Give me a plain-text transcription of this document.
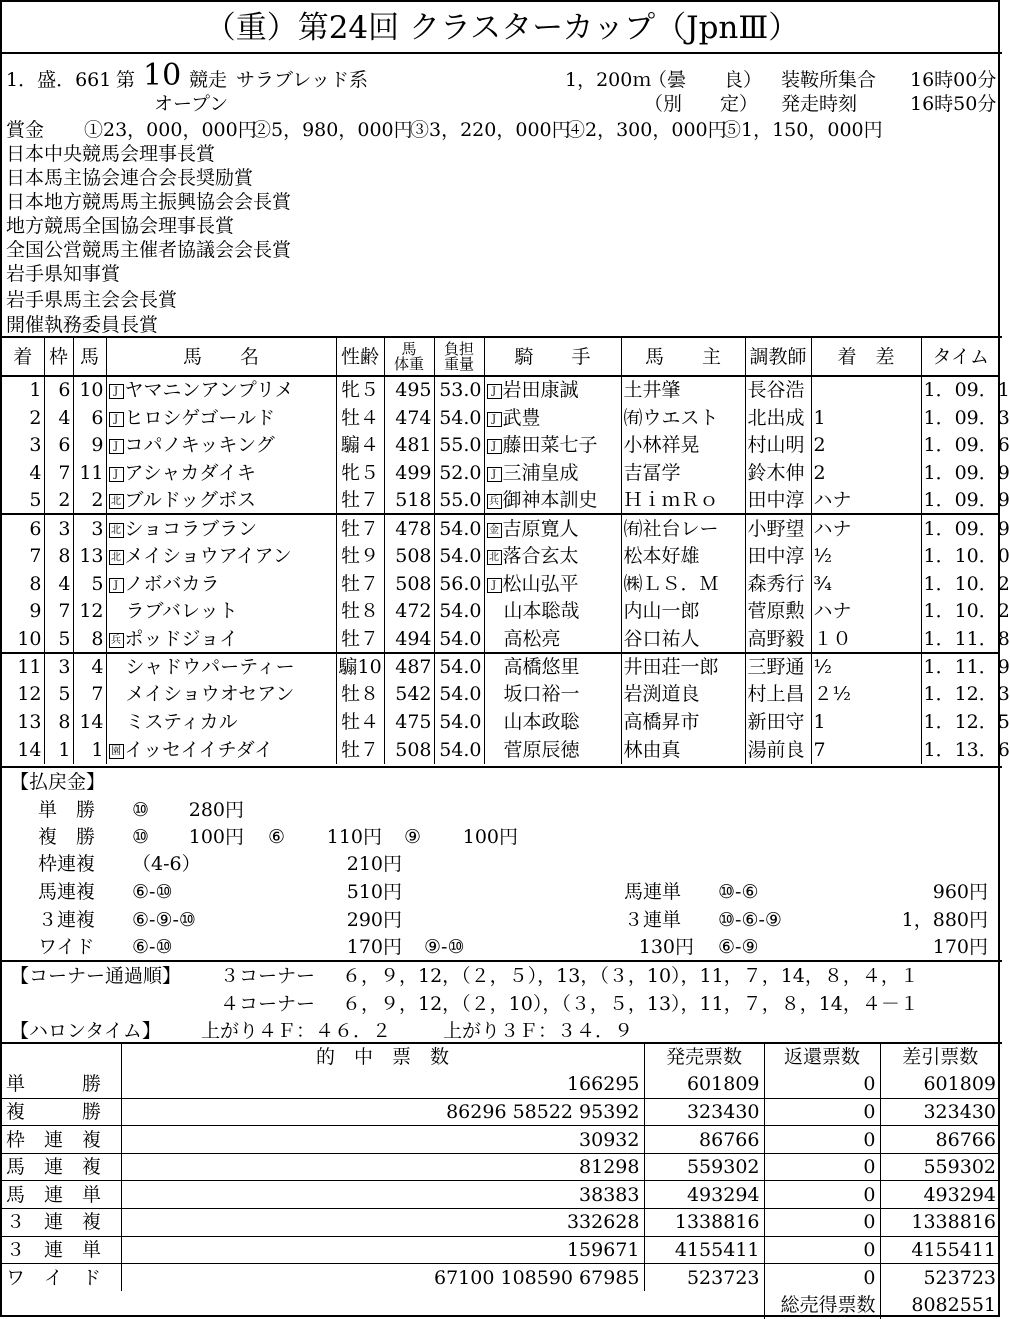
（重）第24回 クラスターカップ（JpnⅢ）
1．盛．661 第 10 競走 サラブレッド系
オープン
1，200ｍ
（曇　　良）
（別　　定）
装鞍所集合 16時00分
発走時刻	16時50分
賞金 ①23，000，000円
②5，980，000円
③3，220，000円
④2，300，000円
⑤1，150，000円
日本中央競馬会理事長賞
日本馬主協会連合会長奨励賞
日本地方競馬馬主振興協会会長賞
地方競馬全国協会理事長賞
全国公営競馬主催者協議会会長賞
岩手県知事賞
岩手県馬主会会長賞
開催執務委員長賞
着	枠	馬	馬　　名	性齢	馬
体重	負担
重量	騎　　手	馬　　主	調教師	着　差	タイム
1	6	10	J ヤマニンアンプリメ	牝５	495	53.0	J 岩田康誠	土井肇	長谷浩		1．09．1
2	4	6	J ヒロシゲゴールド	牡４	474	54.0	J 武豊	㈲ウエスト	北出成	1	1．09．3
3	6	9	J コパノキッキング	騸４	481	55.0	J 藤田菜七子	小林祥晃	村山明	2	1．09．6
4	7	11	J アシャカダイキ	牝５	499	52.0	J 三浦皇成	吉冨学	鈴木伸	2	1．09．9
5	2	2	北 ブルドッグボス	牡７	518	55.0	兵 御神本訓史	ＨｉｍＲｏ	田中淳	ハナ	1．09．9
6	3	3	北 ショコラブラン	牡７	478	54.0	金 吉原寛人	㈲社台レー	小野望	ハナ	1．09．9
7	8	13	北 メイショウアイアン	牡９	508	54.0	北 落合玄太	松本好雄	田中淳	½	1．10．0
8	4	5	J ノボバカラ	牡７	508	56.0	J 松山弘平	㈱ＬＳ．Ｍ	森秀行	¾	1．10．2
9	7	12	ラブバレット	牡８	472	54.0	山本聡哉	内山一郎	菅原勲	ハナ	1．10．2
10	5	8	兵 ポッドジョイ	牡７	494	54.0	高松亮	谷口祐人	高野毅	１０	1．11．8
11	3	4	シャドウパーティー	騸10	487	54.0	高橋悠里	井田荘一郎	三野通	½	1．11．9
12	5	7	メイショウオセアン	牡８	542	54.0	坂口裕一	岩渕道良	村上昌	２½	1．12．3
13	8	14	ミスティカル	牡４	475	54.0	山本政聡	高橋昇市	新田守	1	1．12．5
14	1	1	園 イッセイイチダイ	牡７	508	54.0	菅原辰徳	林由真	湯前良	7	1．13．6
【払戻金】
単　勝 ⑩	280円
複　勝 ⑩	100円 ⑥	110円 ⑨	100円
枠連複 （4-6）	210円
馬連複 ⑥-⑩	510円	馬連単 ⑩-⑥	960円
３連複 ⑥-⑨-⑩	290円	３連単 ⑩-⑥-⑨	1，880円
ワイド ⑥-⑩	170円 ⑨-⑩	130円 ⑥-⑨	170円
【コーナー通過順】 ３コーナー ６，９，12，（２，５），13，（３，10），11，７，14，８，４，１
４コーナー ６，９，12，（２，10），（３，５，13），11，７，８，14，４－１
【ハロンタイム】 上がり４Ｆ：４６．２	上がり３Ｆ：３４．９
	的　中　票　数	発売票数	返還票数	差引票数
単　　　勝	166295	601809	0	601809
複　　　勝	86296 58522 95392	323430	0	323430
枠　連　複	30932	86766	0	86766
馬　連　複	81298	559302	0	559302
馬　連　単	38383	493294	0	493294
３　連　複	332628	1338816	0	1338816
３　連　単	159671	4155411	0	4155411
ワ　イ　ド	67100 108590 67985	523723	0	523723
			総売得票数	8082551
